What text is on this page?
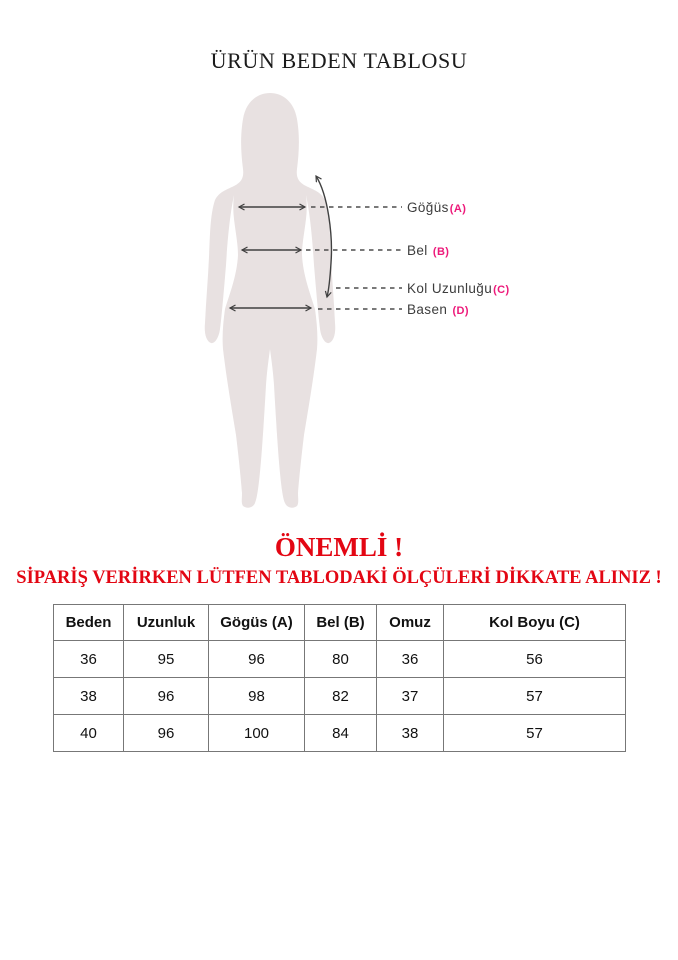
ÜRÜN BEDEN TABLOSU
Göğüs(A)
Bel (B)
Kol Uzunluğu(C)
Basen (D)
ÖNEMLİ !
SİPARİŞ VERİRKEN LÜTFEN TABLODAKİ ÖLÇÜLERİ DİKKATE ALINIZ !
Beden	Uzunluk	Gögüs (A)	Bel (B)	Omuz	Kol Boyu (C)
36	95	96	80	36	56
38	96	98	82	37	57
40	96	100	84	38	57
